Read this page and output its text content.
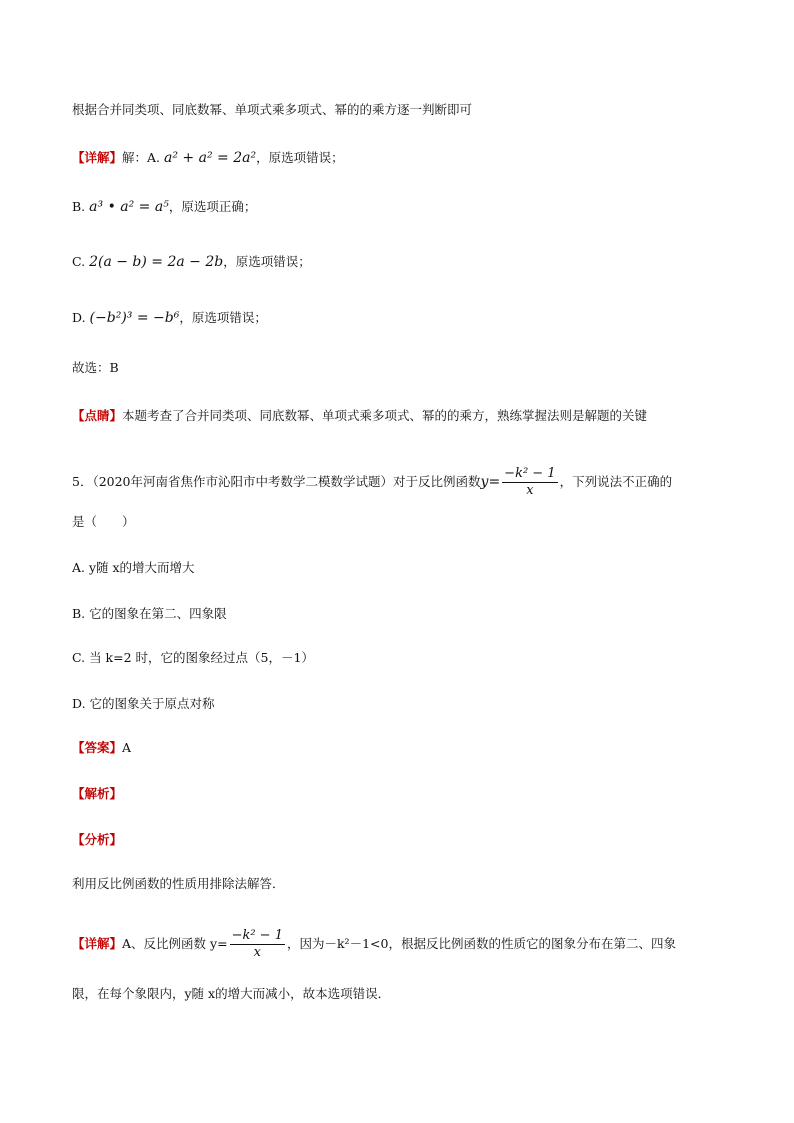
根据合并同类项、同底数幂、单项式乘多项式、幂的的乘方逐一判断即可
【详解】解：A. a² + a² = 2a²，原选项错误；
B. a³ • a² = a⁵，原选项正确；
C. 2(a − b) = 2a − 2b，原选项错误；
D. (−b²)³ = −b⁶，原选项错误；
故选：B
【点睛】本题考查了合并同类项、同底数幂、单项式乘多项式、幂的的乘方，熟练掌握法则是解题的关键
5．（2020年河南省焦作市沁阳市中考数学二模数学试题）对于反比例函数$y= \frac{\text{−k² − 1}}{x}$ ，下列说法不正确的
是（　　）
A. y随 x的增大而增大
B. 它的图象在第二、四象限
C. 当 k=2 时，它的图象经过点（5，－1）
D. 它的图象关于原点对称
【答案】A
【解析】
【分析】
利用反比例函数的性质用排除法解答．
【详解】A、反比例函数 $y= \frac{\text{−k² − 1}}{x}$ ，因为－k²－1<0，根据反比例函数的性质它的图象分布在第二、四象
限，在每个象限内，y随 x的增大而减小，故本选项错误．
